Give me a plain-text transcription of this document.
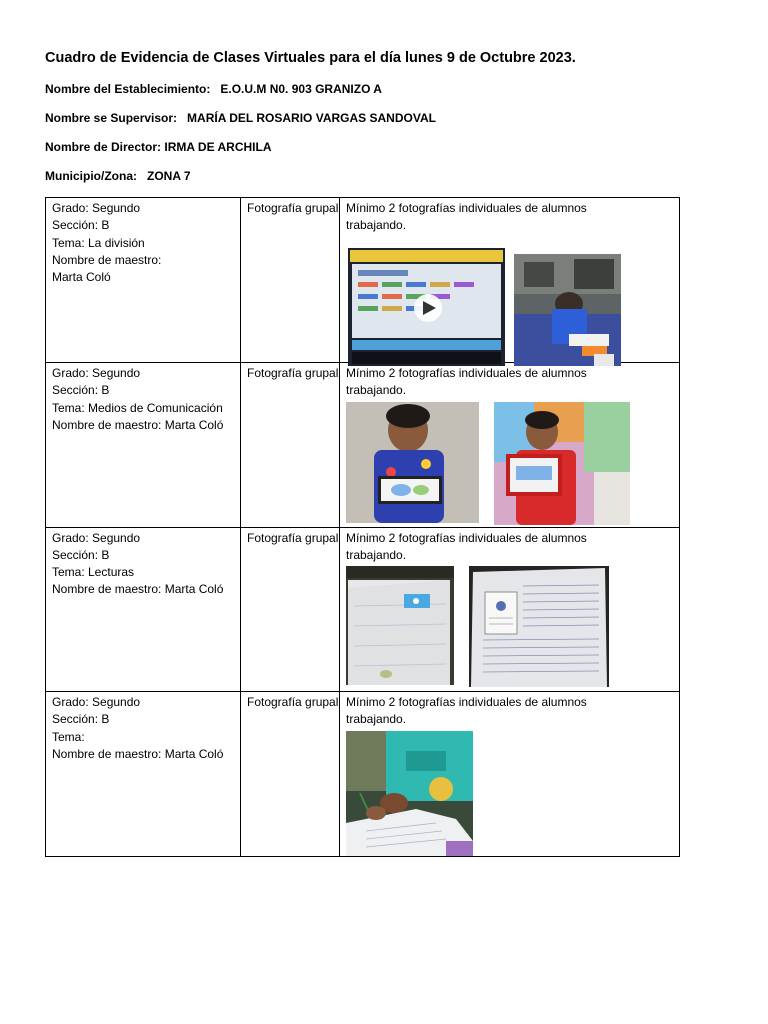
Cuadro de Evidencia de Clases Virtuales para el día lunes 9 de Octubre 2023.
Nombre del Establecimiento: E.O.U.M N0. 903 GRANIZO A
Nombre se Supervisor: MARÍA DEL ROSARIO VARGAS SANDOVAL
Nombre de Director: IRMA DE ARCHILA
Municipio/Zona: ZONA 7
Grado: Segundo
Sección: B
Tema: La división
Nombre de maestro:
Marta Coló	Fotografía grupal	Mínimo 2 fotografías individuales de alumnos
trabajando.

Grado: Segundo
Sección: B
Tema: Medios de Comunicación
Nombre de maestro: Marta Coló	Fotografía grupal	Mínimo 2 fotografías individuales de alumnos
trabajando.

Grado: Segundo
Sección: B
Tema: Lecturas
Nombre de maestro: Marta Coló	Fotografía grupal	Mínimo 2 fotografías individuales de alumnos
trabajando.

Grado: Segundo
Sección: B
Tema:
Nombre de maestro: Marta Coló	Fotografía grupal	Mínimo 2 fotografías individuales de alumnos
trabajando.
